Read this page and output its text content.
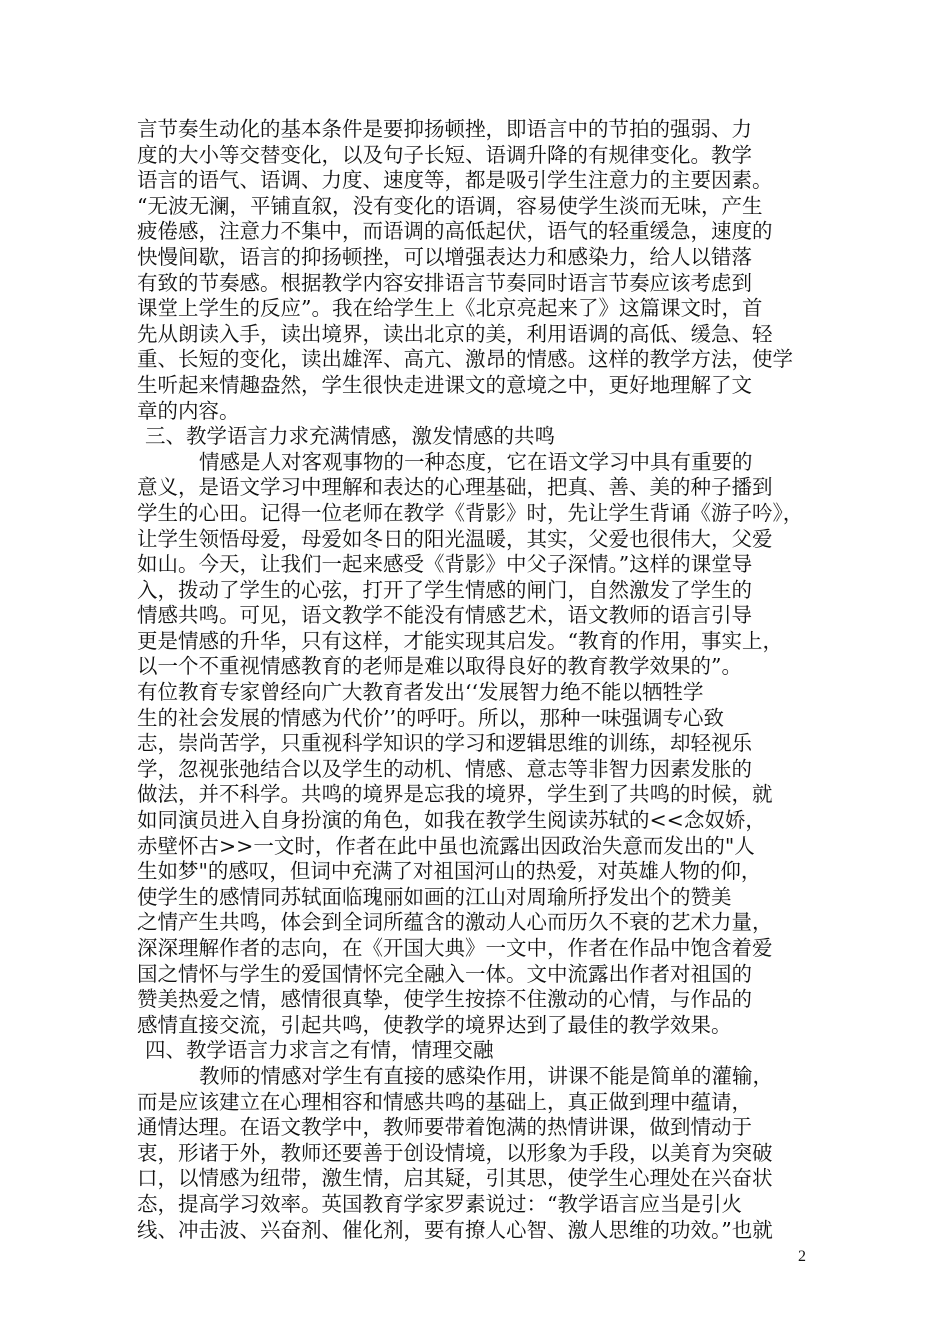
言节奏生动化的基本条件是要抑扬顿挫，即语言中的节拍的强弱、力
度的大小等交替变化，以及句子长短、语调升降的有规律变化。教学
语言的语气、语调、力度、速度等，都是吸引学生注意力的主要因素。
“无波无澜，平铺直叙，没有变化的语调，容易使学生淡而无味，产生
疲倦感，注意力不集中，而语调的高低起伏，语气的轻重缓急，速度的
快慢间歇，语言的抑扬顿挫，可以增强表达力和感染力，给人以错落
有致的节奏感。根据教学内容安排语言节奏同时语言节奏应该考虑到
课堂上学生的反应”。我在给学生上《北京亮起来了》这篇课文时，首
先从朗读入手，读出境界，读出北京的美，利用语调的高低、缓急、轻
重、长短的变化，读出雄浑、高亢、激昂的情感。这样的教学方法，使学
生听起来情趣盎然，学生很快走进课文的意境之中，更好地理解了文
章的内容。
三、教学语言力求充满情感，激发情感的共鸣
情感是人对客观事物的一种态度，它在语文学习中具有重要的
意义，是语文学习中理解和表达的心理基础，把真、善、美的种子播到
学生的心田。记得一位老师在教学《背影》时，先让学生背诵《游子吟》，
让学生领悟母爱，母爱如冬日的阳光温暖，其实，父爱也很伟大，父爱
如山。今天，让我们一起来感受《背影》中父子深情。”这样的课堂导
入，拨动了学生的心弦，打开了学生情感的闸门，自然激发了学生的
情感共鸣。可见，语文教学不能没有情感艺术，语文教师的语言引导
更是情感的升华，只有这样，才能实现其启发。“教育的作用，事实上，
以一个不重视情感教育的老师是难以取得良好的教育教学效果的”。
有位教育专家曾经向广大教育者发出‘‘发展智力绝不能以牺牲学
生的社会发展的情感为代价’’的呼吁。所以，那种一味强调专心致
志，崇尚苦学，只重视科学知识的学习和逻辑思维的训练，却轻视乐
学，忽视张弛结合以及学生的动机、情感、意志等非智力因素发胀的
做法，并不科学。共鸣的境界是忘我的境界，学生到了共鸣的时候，就
如同演员进入自身扮演的角色，如我在教学生阅读苏轼的<<念奴娇，
赤壁怀古>>一文时，作者在此中虽也流露出因政治失意而发出的"人
生如梦"的感叹，但词中充满了对祖国河山的热爱，对英雄人物的仰，
使学生的感情同苏轼面临瑰丽如画的江山对周瑜所抒发出个的赞美
之情产生共鸣，体会到全词所蕴含的激动人心而历久不衰的艺术力量，
深深理解作者的志向，在《开国大典》一文中，作者在作品中饱含着爱
国之情怀与学生的爱国情怀完全融入一体。文中流露出作者对祖国的
赞美热爱之情，感情很真挚，使学生按捺不住激动的心情，与作品的
感情直接交流，引起共鸣，使教学的境界达到了最佳的教学效果。
四、教学语言力求言之有情，情理交融
教师的情感对学生有直接的感染作用，讲课不能是简单的灌输，
而是应该建立在心理相容和情感共鸣的基础上，真正做到理中蕴请，
通情达理。在语文教学中，教师要带着饱满的热情讲课，做到情动于
衷，形诸于外，教师还要善于创设情境，以形象为手段，以美育为突破
口，以情感为纽带，激生情，启其疑，引其思，使学生心理处在兴奋状
态，提高学习效率。英国教育学家罗素说过：“教学语言应当是引火
线、冲击波、兴奋剂、催化剂，要有撩人心智、激人思维的功效。”也就
2
